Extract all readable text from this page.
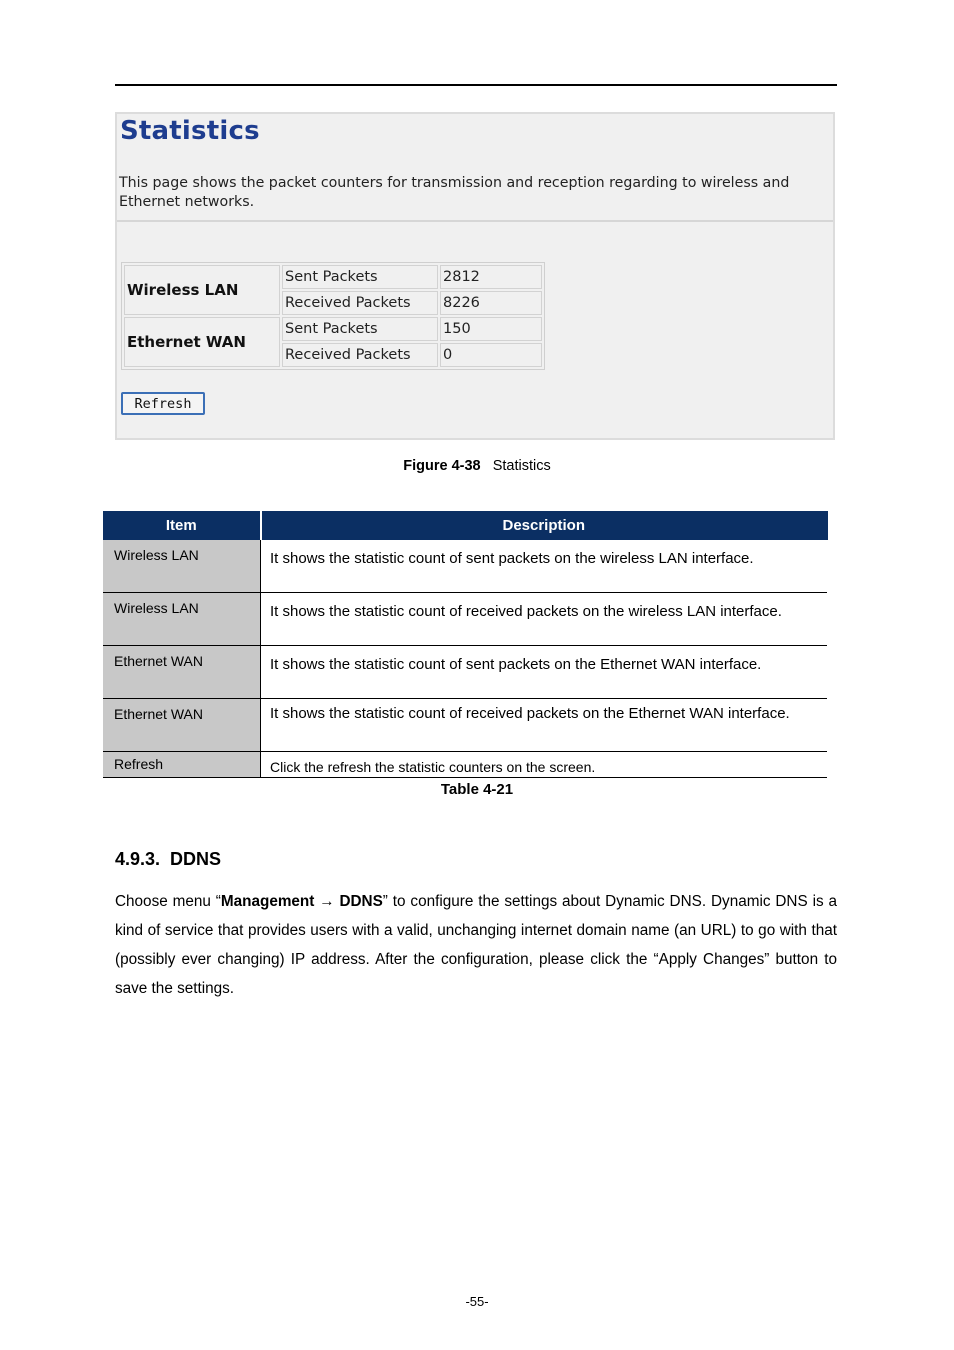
Statistics

This page shows the packet counters for transmission and reception regarding to wireless and Ethernet networks.

Wireless LAN	Sent Packets	2812
	Received Packets	8226
Ethernet WAN	Sent Packets	150
	Received Packets	0
Refresh
Figure 4-38 Statistics
Item	Description
Wireless LAN	It shows the statistic count of sent packets on the wireless LAN interface.
Wireless LAN	It shows the statistic count of received packets on the wireless LAN interface.
Ethernet WAN	It shows the statistic count of sent packets on the Ethernet WAN interface.
Ethernet WAN	It shows the statistic count of received packets on the Ethernet WAN interface.
Refresh	Click the refresh the statistic counters on the screen.
Table 4-21
4.9.3.  DDNS

Choose menu “Management → DDNS” to configure the settings about Dynamic DNS. Dynamic DNS is a kind of service that provides users with a valid, unchanging internet domain name (an URL) to go with that (possibly ever changing) IP address. After the configuration, please click the “Apply Changes” button to save the settings.

-55-
